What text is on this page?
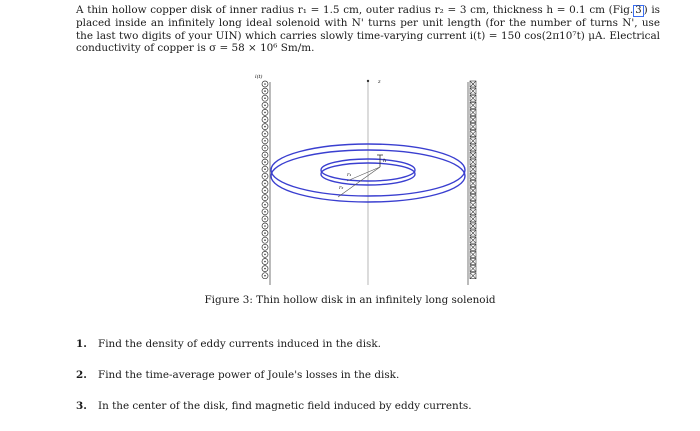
A thin hollow copper disk of inner radius r₁ = 1.5 cm, outer radius r₂ = 3 cm, thickness h = 0.1 cm (Fig. 3 ) is placed inside an infinitely long ideal solenoid with N' turns per unit length (for the number of turns N', use the last two digits of your UIN) which carries slowly time-varying current i(t) = 150 cos(2π10⁷t) μA. Electrical conductivity of copper is σ = 58 × 10⁶ Sm/m.

i(t)
z
h
r₁
r₂
Figure 3: Thin hollow disk in an infinitely long solenoid
1. Find the density of eddy currents induced in the disk.
2. Find the time-average power of Joule's losses in the disk.
3. In the center of the disk, find magnetic field induced by eddy currents.
